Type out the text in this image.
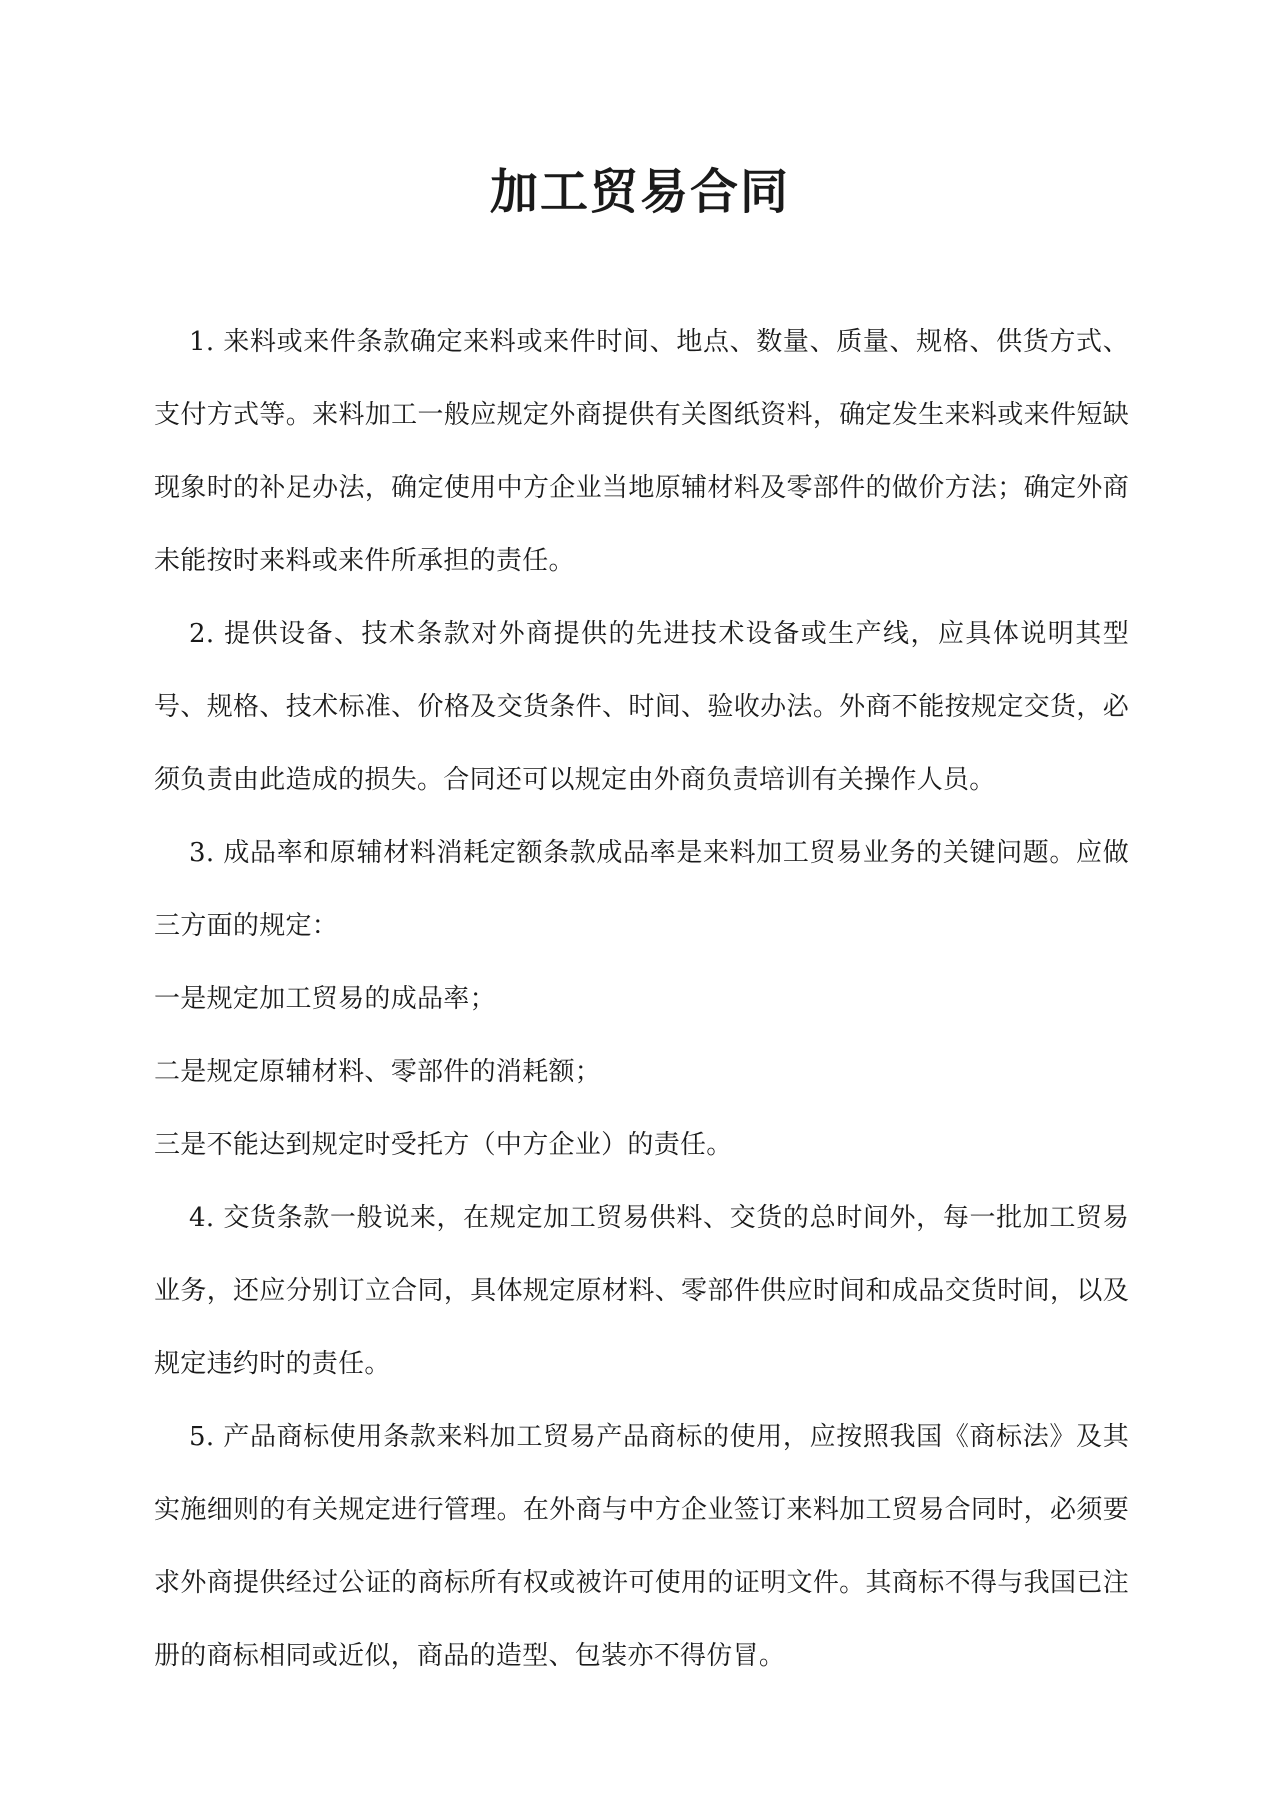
加工贸易合同

1. 来料或来件条款确定来料或来件时间、地点、数量、质量、规格、供货方式、支付方式等。来料加工一般应规定外商提供有关图纸资料，确定发生来料或来件短缺现象时的补足办法，确定使用中方企业当地原辅材料及零部件的做价方法；确定外商未能按时来料或来件所承担的责任。

2. 提供设备、技术条款对外商提供的先进技术设备或生产线，应具体说明其型号、规格、技术标准、价格及交货条件、时间、验收办法。外商不能按规定交货，必须负责由此造成的损失。合同还可以规定由外商负责培训有关操作人员。

3. 成品率和原辅材料消耗定额条款成品率是来料加工贸易业务的关键问题。应做三方面的规定：

一是规定加工贸易的成品率；

二是规定原辅材料、零部件的消耗额；

三是不能达到规定时受托方（中方企业）的责任。

4. 交货条款一般说来，在规定加工贸易供料、交货的总时间外，每一批加工贸易业务，还应分别订立合同，具体规定原材料、零部件供应时间和成品交货时间，以及规定违约时的责任。

5. 产品商标使用条款来料加工贸易产品商标的使用，应按照我国《商标法》及其实施细则的有关规定进行管理。在外商与中方企业签订来料加工贸易合同时，必须要求外商提供经过公证的商标所有权或被许可使用的证明文件。其商标不得与我国已注册的商标相同或近似，商品的造型、包装亦不得仿冒。
